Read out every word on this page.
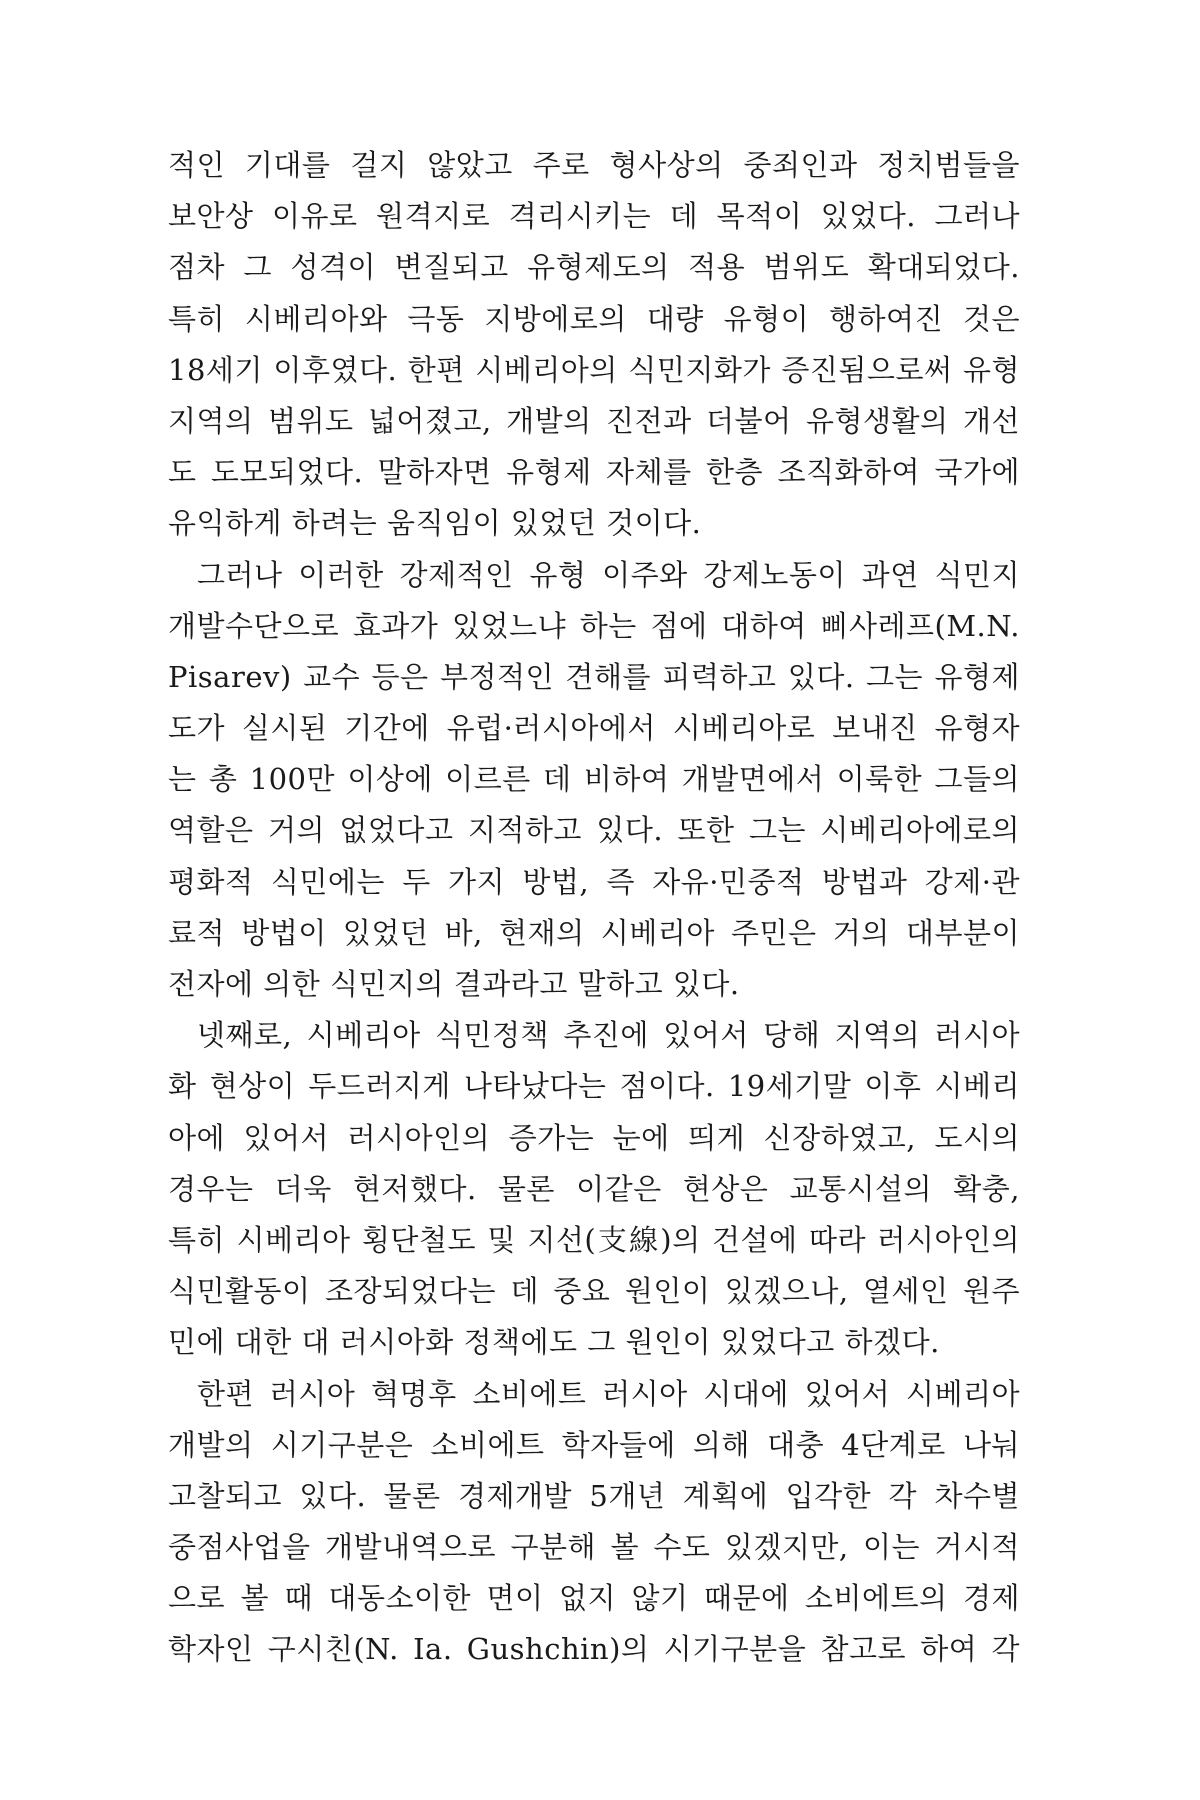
적인 기대를 걸지 않았고 주로 형사상의 중죄인과 정치범들을
보안상 이유로 원격지로 격리시키는 데 목적이 있었다. 그러나
점차 그 성격이 변질되고 유형제도의 적용 범위도 확대되었다.
특히 시베리아와 극동 지방에로의 대량 유형이 행하여진 것은
18세기 이후였다. 한편 시베리아의 식민지화가 증진됨으로써 유형
지역의 범위도 넓어졌고, 개발의 진전과 더불어 유형생활의 개선
도 도모되었다. 말하자면 유형제 자체를 한층 조직화하여 국가에
유익하게 하려는 움직임이 있었던 것이다.
그러나 이러한 강제적인 유형 이주와 강제노동이 과연 식민지
개발수단으로 효과가 있었느냐 하는 점에 대하여 삐사레프(M.N.
Pisarev) 교수 등은 부정적인 견해를 피력하고 있다. 그는 유형제
도가 실시된 기간에 유럽·러시아에서 시베리아로 보내진 유형자
는 총 100만 이상에 이르른 데 비하여 개발면에서 이룩한 그들의
역할은 거의 없었다고 지적하고 있다. 또한 그는 시베리아에로의
평화적 식민에는 두 가지 방법, 즉 자유·민중적 방법과 강제·관
료적 방법이 있었던 바, 현재의 시베리아 주민은 거의 대부분이
전자에 의한 식민지의 결과라고 말하고 있다.
넷째로, 시베리아 식민정책 추진에 있어서 당해 지역의 러시아
화 현상이 두드러지게 나타났다는 점이다. 19세기말 이후 시베리
아에 있어서 러시아인의 증가는 눈에 띄게 신장하였고, 도시의
경우는 더욱 현저했다. 물론 이같은 현상은 교통시설의 확충,
특히 시베리아 횡단철도 및 지선(支線)의 건설에 따라 러시아인의
식민활동이 조장되었다는 데 중요 원인이 있겠으나, 열세인 원주
민에 대한 대 러시아화 정책에도 그 원인이 있었다고 하겠다.
한편 러시아 혁명후 소비에트 러시아 시대에 있어서 시베리아
개발의 시기구분은 소비에트 학자들에 의해 대충 4단계로 나눠
고찰되고 있다. 물론 경제개발 5개년 계획에 입각한 각 차수별
중점사업을 개발내역으로 구분해 볼 수도 있겠지만, 이는 거시적
으로 볼 때 대동소이한 면이 없지 않기 때문에 소비에트의 경제
학자인 구시친(N. Ia. Gushchin)의 시기구분을 참고로 하여 각
